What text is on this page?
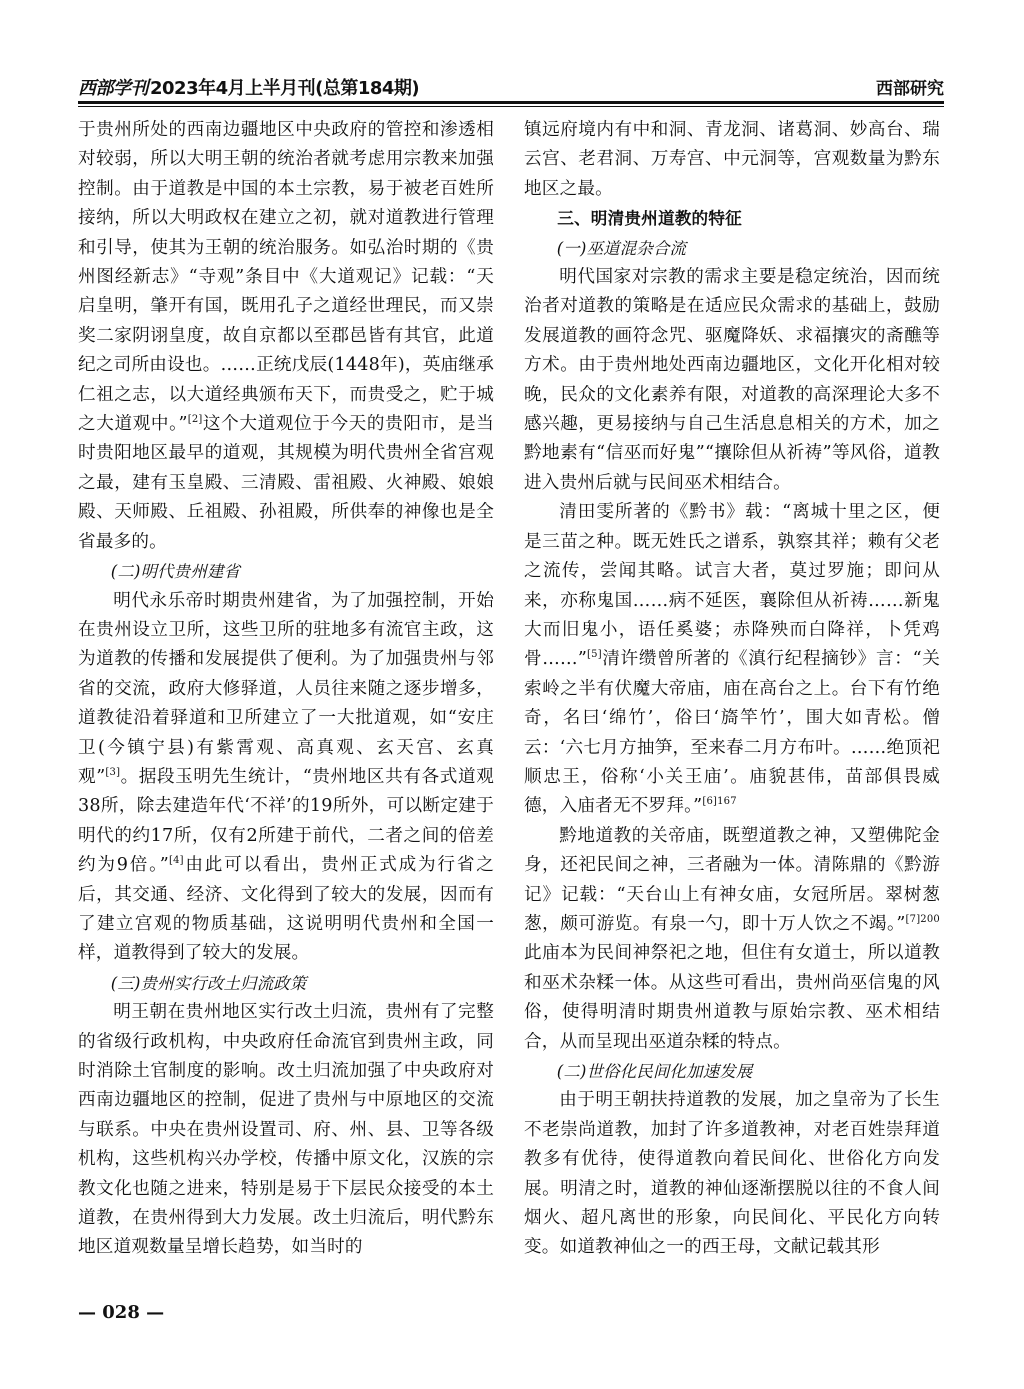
西部学刊 2023年4月上半月刊(总第184期)	西部研究

于贵州所处的西南边疆地区中央政府的管控和渗透相对较弱，所以大明王朝的统治者就考虑用宗教来加强控制。由于道教是中国的本土宗教，易于被老百姓所接纳，所以大明政权在建立之初，就对道教进行管理和引导，使其为王朝的统治服务。如弘治时期的《贵州图经新志》“寺观”条目中《大道观记》记载：“天启皇明，肇开有国，既用孔子之道经世理民，而又崇奖二家阴诩皇度，故自京都以至郡邑皆有其官，此道纪之司所由设也。……正统戊辰(1448年)，英庙继承仁祖之志，以大道经典颁布天下，而贵受之，贮于城之大道观中。”[2]这个大道观位于今天的贵阳市，是当时贵阳地区最早的道观，其规模为明代贵州全省宫观之最，建有玉皇殿、三清殿、雷祖殿、火神殿、娘娘殿、天师殿、丘祖殿、孙祖殿，所供奉的神像也是全省最多的。

(二)明代贵州建省

明代永乐帝时期贵州建省，为了加强控制，开始在贵州设立卫所，这些卫所的驻地多有流官主政，这为道教的传播和发展提供了便利。为了加强贵州与邻省的交流，政府大修驿道，人员往来随之逐步增多，道教徒沿着驿道和卫所建立了一大批道观，如“安庄卫(今镇宁县)有紫霄观、高真观、玄天宫、玄真观”[3]。据段玉明先生统计，“贵州地区共有各式道观38所，除去建造年代‘不祥’的19所外，可以断定建于明代的约17所，仅有2所建于前代，二者之间的倍差约为9倍。”[4]由此可以看出，贵州正式成为行省之后，其交通、经济、文化得到了较大的发展，因而有了建立宫观的物质基础，这说明明代贵州和全国一样，道教得到了较大的发展。

(三)贵州实行改土归流政策

明王朝在贵州地区实行改土归流，贵州有了完整的省级行政机构，中央政府任命流官到贵州主政，同时消除土官制度的影响。改土归流加强了中央政府对西南边疆地区的控制，促进了贵州与中原地区的交流与联系。中央在贵州设置司、府、州、县、卫等各级机构，这些机构兴办学校，传播中原文化，汉族的宗教文化也随之进来，特别是易于下层民众接受的本土道教，在贵州得到大力发展。改土归流后，明代黔东地区道观数量呈增长趋势，如当时的

镇远府境内有中和洞、青龙洞、诸葛洞、妙高台、瑞云宫、老君洞、万寿宫、中元洞等，宫观数量为黔东地区之最。

三、明清贵州道教的特征

(一)巫道混杂合流

明代国家对宗教的需求主要是稳定统治，因而统治者对道教的策略是在适应民众需求的基础上，鼓励发展道教的画符念咒、驱魔降妖、求福攘灾的斋醮等方术。由于贵州地处西南边疆地区，文化开化相对较晚，民众的文化素养有限，对道教的高深理论大多不感兴趣，更易接纳与自己生活息息相关的方术，加之黔地素有“信巫而好鬼”“攘除但从祈祷”等风俗，道教进入贵州后就与民间巫术相结合。

清田雯所著的《黔书》载：“离城十里之区，便是三苗之种。既无姓氏之谱系，孰察其祥；赖有父老之流传，尝闻其略。试言大者，莫过罗施；即问从来，亦称鬼国……病不延医，襄除但从祈祷……新鬼大而旧鬼小，语任奚婆；赤降殃而白降祥，卜凭鸡骨……”[5]清许缵曾所著的《滇行纪程摘钞》言：“关索岭之半有伏魔大帝庙，庙在高台之上。台下有竹绝奇，名曰‘绵竹’，俗曰‘旖竿竹’，围大如青松。僧云：‘六七月方抽笋，至来春二月方布叶。……绝顶祀顺忠王，俗称‘小关王庙’。庙貌甚伟，苗部俱畏威德，入庙者无不罗拜。”$^{[6]167}$

黔地道教的关帝庙，既塑道教之神，又塑佛陀金身，还祀民间之神，三者融为一体。清陈鼎的《黔游记》记载：“天台山上有神女庙，女冠所居。翠树葱葱，颇可游览。有泉一勺，即十万人饮之不竭。”$^{[7]200}$此庙本为民间神祭祀之地，但住有女道士，所以道教和巫术杂糅一体。从这些可看出，贵州尚巫信鬼的风俗，使得明清时期贵州道教与原始宗教、巫术相结合，从而呈现出巫道杂糅的特点。

(二)世俗化民间化加速发展

由于明王朝扶持道教的发展，加之皇帝为了长生不老崇尚道教，加封了许多道教神，对老百姓崇拜道教多有优待，使得道教向着民间化、世俗化方向发展。明清之时，道教的神仙逐渐摆脱以往的不食人间烟火、超凡离世的形象，向民间化、平民化方向转变。如道教神仙之一的西王母，文献记载其形

— 028 —
